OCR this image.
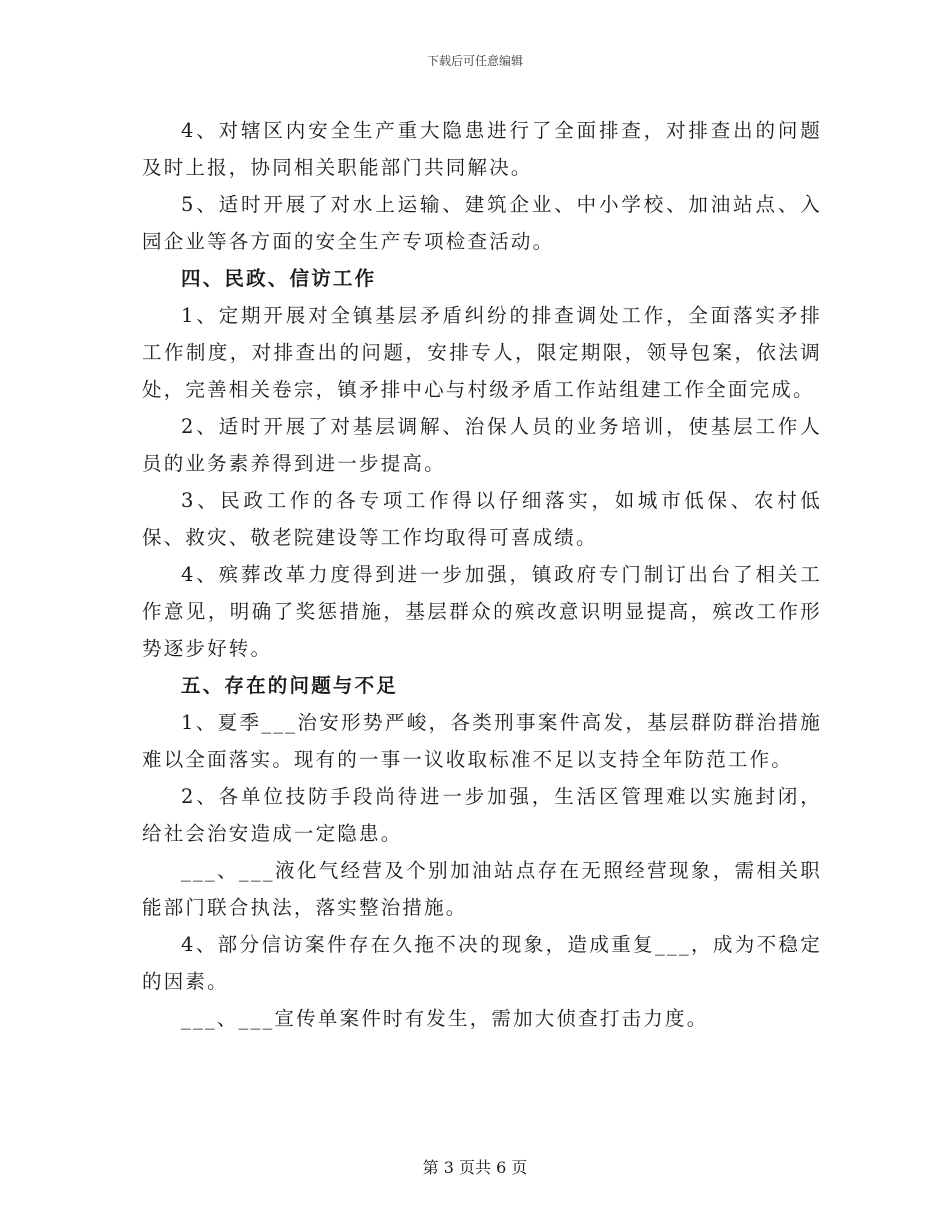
下载后可任意编辑

4、对辖区内安全生产重大隐患进行了全面排查，对排查出的问题及时上报，协同相关职能部门共同解决。

5、适时开展了对水上运输、建筑企业、中小学校、加油站点、入园企业等各方面的安全生产专项检查活动。

四、民政、信访工作

1、定期开展对全镇基层矛盾纠纷的排查调处工作，全面落实矛排工作制度，对排查出的问题，安排专人，限定期限，领导包案，依法调处，完善相关卷宗，镇矛排中心与村级矛盾工作站组建工作全面完成。

2、适时开展了对基层调解、治保人员的业务培训，使基层工作人员的业务素养得到进一步提高。

3、民政工作的各专项工作得以仔细落实，如城市低保、农村低保、救灾、敬老院建设等工作均取得可喜成绩。

4、殡葬改革力度得到进一步加强，镇政府专门制订出台了相关工作意见，明确了奖惩措施，基层群众的殡改意识明显提高，殡改工作形势逐步好转。

五、存在的问题与不足

1、夏季___治安形势严峻，各类刑事案件高发，基层群防群治措施难以全面落实。现有的一事一议收取标准不足以支持全年防范工作。

2、各单位技防手段尚待进一步加强，生活区管理难以实施封闭，给社会治安造成一定隐患。

___、___液化气经营及个别加油站点存在无照经营现象，需相关职能部门联合执法，落实整治措施。

4、部分信访案件存在久拖不决的现象，造成重复___，成为不稳定的因素。

___、___宣传单案件时有发生，需加大侦查打击力度。

第 3 页共 6 页
